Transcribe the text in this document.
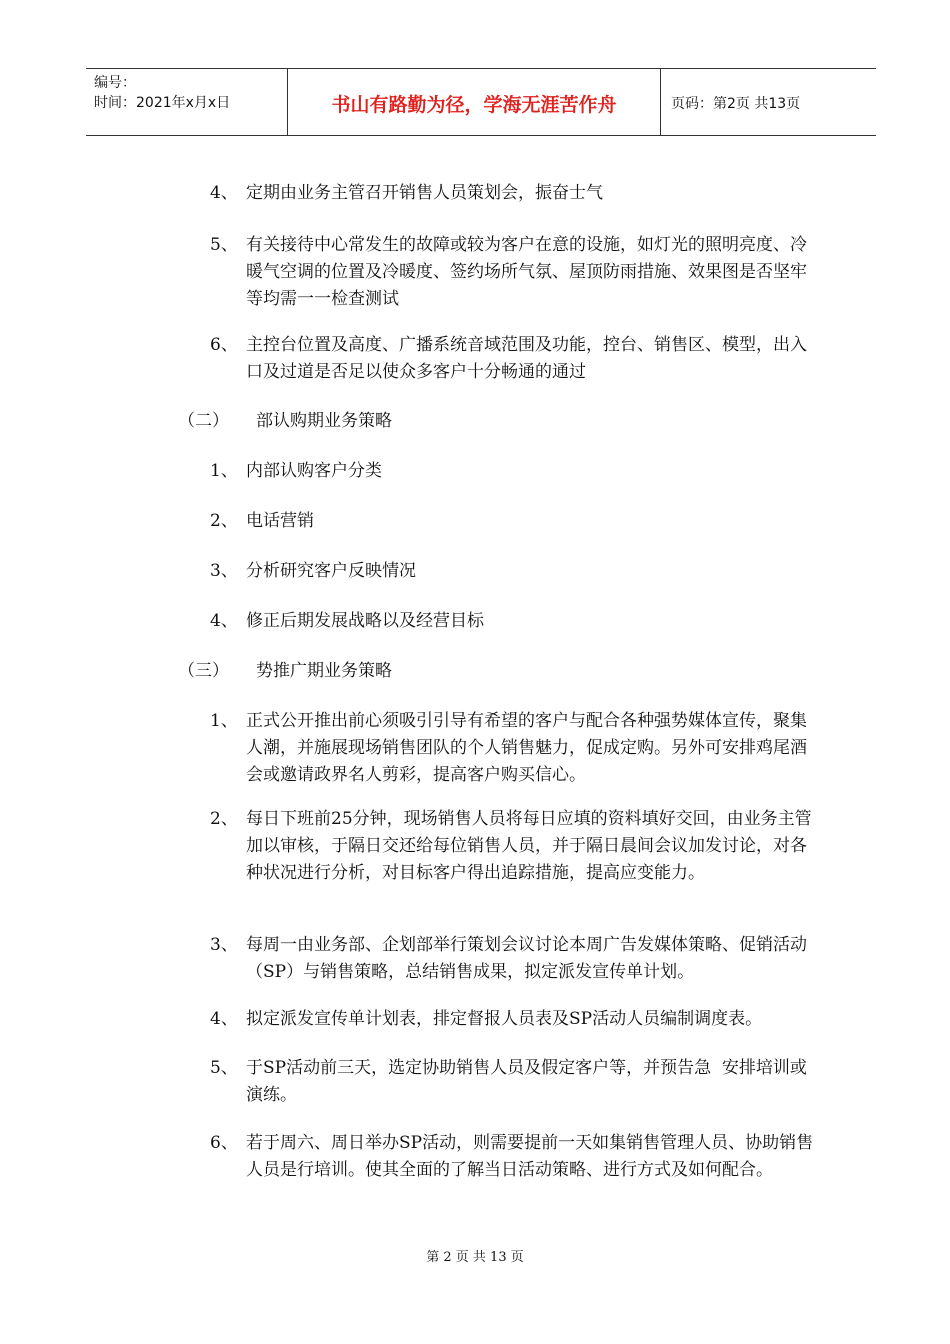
编号：
时间：2021年x月x日	书山有路勤为径，学海无涯苦作舟	页码：第2页 共13页
4、 定期由业务主管召开销售人员策划会，振奋士气
5、 有关接待中心常发生的故障或较为客户在意的设施，如灯光的照明亮度、冷暖气空调的位置及冷暖度、签约场所气氛、屋顶防雨措施、效果图是否坚牢等均需一一检查测试
6、 主控台位置及高度、广播系统音域范围及功能，控台、销售区、模型，出入口及过道是否足以使众多客户十分畅通的通过
（二） 部认购期业务策略
1、 内部认购客户分类
2、 电话营销
3、 分析研究客户反映情况
4、 修正后期发展战略以及经营目标
（三） 势推广期业务策略
1、 正式公开推出前心须吸引引导有希望的客户与配合各种强势媒体宣传，聚集人潮，并施展现场销售团队的个人销售魅力，促成定购。另外可安排鸡尾酒会或邀请政界名人剪彩，提高客户购买信心。
2、 每日下班前25分钟，现场销售人员将每日应填的资料填好交回，由业务主管加以审核，于隔日交还给每位销售人员，并于隔日晨间会议加发讨论，对各种状况进行分析，对目标客户得出追踪措施，提高应变能力。
3、 每周一由业务部、企划部举行策划会议讨论本周广告发媒体策略、促销活动（SP）与销售策略，总结销售成果，拟定派发宣传单计划。
4、 拟定派发宣传单计划表，排定督报人员表及SP活动人员编制调度表。
5、 于SP活动前三天，选定协助销售人员及假定客户等，并预告急  安排培训或演练。
6、 若于周六、周日举办SP活动，则需要提前一天如集销售管理人员、协助销售人员是行培训。使其全面的了解当日活动策略、进行方式及如何配合。
第 2 页 共 13 页
